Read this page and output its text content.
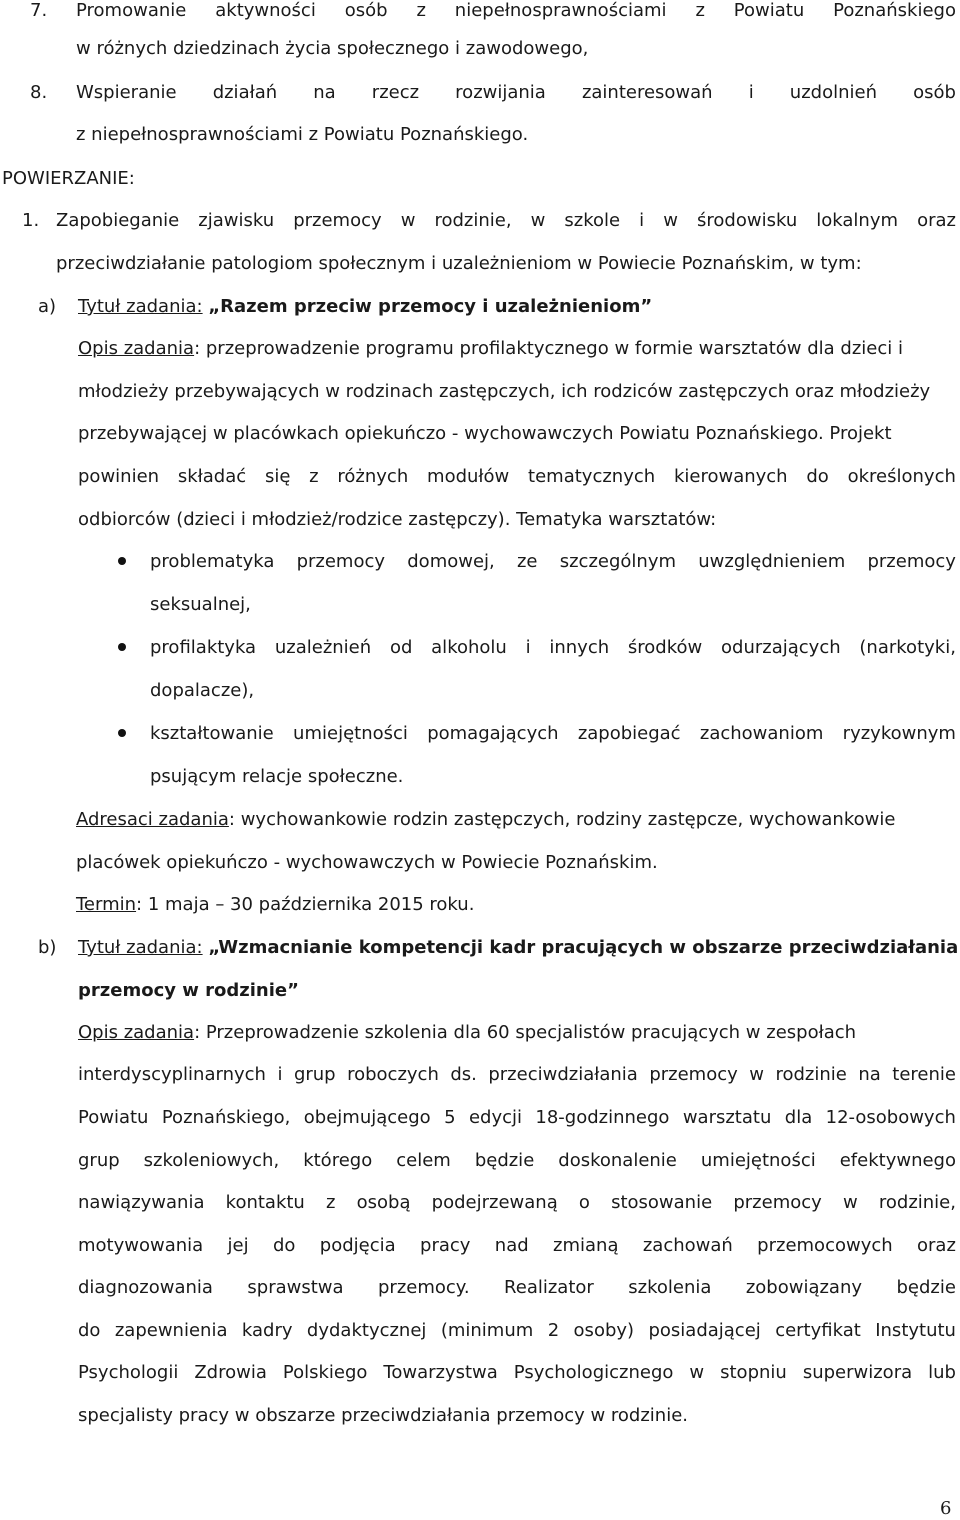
7. Promowanie aktywności osób z niepełnosprawnościami z Powiatu Poznańskiego
w różnych dziedzinach życia społecznego i zawodowego,
8. Wspieranie działań na rzecz rozwijania zainteresowań i uzdolnień osób
z niepełnosprawnościami z Powiatu Poznańskiego.
POWIERZANIE:
1. Zapobieganie zjawisku przemocy w rodzinie, w szkole i w środowisku lokalnym oraz
przeciwdziałanie patologiom społecznym i uzależnieniom w Powiecie Poznańskim, w tym:
a) Tytuł zadania: „Razem przeciw przemocy i uzależnieniom”
Opis zadania: przeprowadzenie programu profilaktycznego w formie warsztatów dla dzieci i
młodzieży przebywających w rodzinach zastępczych, ich rodziców zastępczych oraz młodzieży
przebywającej w placówkach opiekuńczo - wychowawczych Powiatu Poznańskiego. Projekt
powinien składać się z różnych modułów tematycznych kierowanych do określonych
odbiorców (dzieci i młodzież/rodzice zastępczy). Tematyka warsztatów:
problematyka przemocy domowej, ze szczególnym uwzględnieniem przemocy
seksualnej,
profilaktyka uzależnień od alkoholu i innych środków odurzających (narkotyki,
dopalacze),
kształtowanie umiejętności pomagających zapobiegać zachowaniom ryzykownym
psującym relacje społeczne.
Adresaci zadania: wychowankowie rodzin zastępczych, rodziny zastępcze, wychowankowie
placówek opiekuńczo - wychowawczych w Powiecie Poznańskim.
Termin: 1 maja – 30 października 2015 roku.
b) Tytuł zadania: „Wzmacnianie kompetencji kadr pracujących w obszarze przeciwdziałania
przemocy w rodzinie”
Opis zadania: Przeprowadzenie szkolenia dla 60 specjalistów pracujących w zespołach
interdyscyplinarnych i grup roboczych ds. przeciwdziałania przemocy w rodzinie na terenie
Powiatu Poznańskiego, obejmującego 5 edycji 18-godzinnego warsztatu dla 12-osobowych
grup szkoleniowych, którego celem będzie doskonalenie umiejętności efektywnego
nawiązywania kontaktu z osobą podejrzewaną o stosowanie przemocy w rodzinie,
motywowania jej do podjęcia pracy nad zmianą zachowań przemocowych oraz
diagnozowania sprawstwa przemocy. Realizator szkolenia zobowiązany będzie
do zapewnienia kadry dydaktycznej (minimum 2 osoby) posiadającej certyfikat Instytutu
Psychologii Zdrowia Polskiego Towarzystwa Psychologicznego w stopniu superwizora lub
specjalisty pracy w obszarze przeciwdziałania przemocy w rodzinie.
6
